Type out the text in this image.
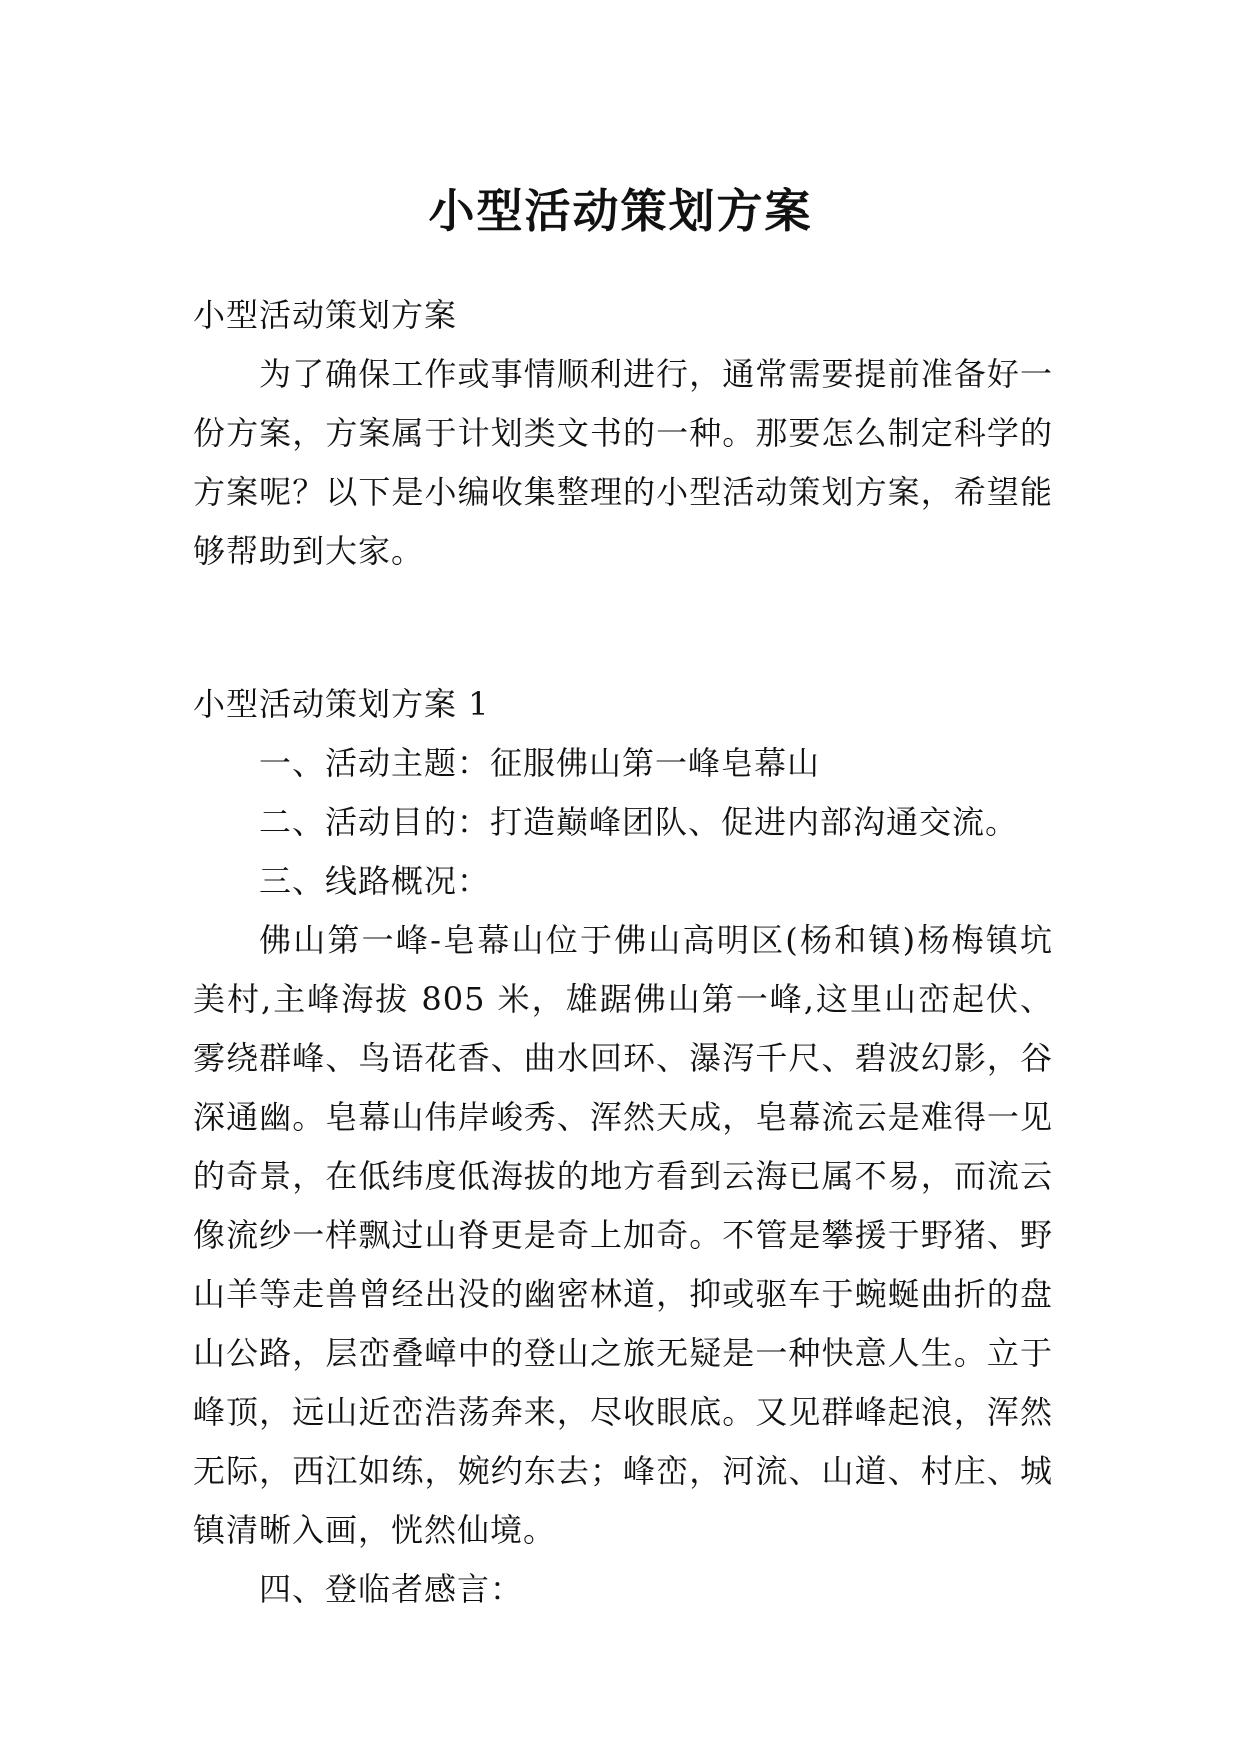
小型活动策划方案

小型活动策划方案

为了确保工作或事情顺利进行，通常需要提前准备好一份方案，方案属于计划类文书的一种。那要怎么制定科学的方案呢？以下是小编收集整理的小型活动策划方案，希望能够帮助到大家。

小型活动策划方案 1

一、活动主题：征服佛山第一峰皂幕山

二、活动目的：打造巅峰团队、促进内部沟通交流。

三、线路概况：

佛山第一峰-皂幕山位于佛山高明区(杨和镇)杨梅镇坑美村,主峰海拔 805 米，雄踞佛山第一峰,这里山峦起伏、雾绕群峰、鸟语花香、曲水回环、瀑泻千尺、碧波幻影，谷深通幽。皂幕山伟岸峻秀、浑然天成，皂幕流云是难得一见的奇景，在低纬度低海拔的地方看到云海已属不易，而流云像流纱一样飘过山脊更是奇上加奇。不管是攀援于野猪、野山羊等走兽曾经出没的幽密林道，抑或驱车于蜿蜒曲折的盘山公路，层峦叠嶂中的登山之旅无疑是一种快意人生。立于峰顶，远山近峦浩荡奔来，尽收眼底。又见群峰起浪，浑然无际，西江如练，婉约东去；峰峦，河流、山道、村庄、城镇清晰入画，恍然仙境。

四、登临者感言：
